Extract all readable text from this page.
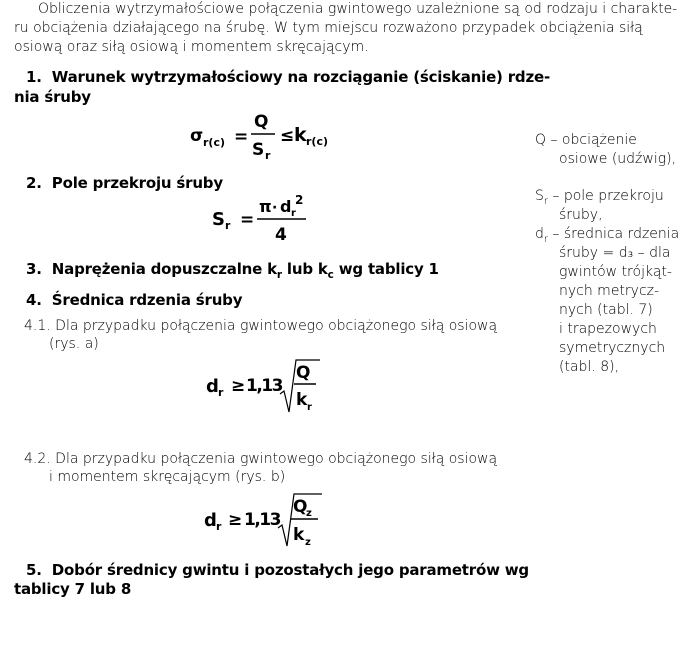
Obliczenia wytrzymałościowe połączenia gwintowego uzależnione są od rodzaju i charakte-
ru obciążenia działającego na śrubę. W tym miejscu rozważono przypadek obciążenia siłą
osiową oraz siłą osiową i momentem skręcającym.
1. Warunek wytrzymałościowy na rozciąganie (ściskanie) rdze-
nia śruby
σ r(c) =
Q
S r
≤ k r(c)
2. Pole przekroju śruby
S r =
π · d r
2
4
3. Naprężenia dopuszczalne $k_r$ lub $k_c$ wg tablicy 1
4. Średnica rdzenia śruby
4.1. Dla przypadku połączenia gwintowego obciążonego siłą osiową
(rys. a)
d r ≥ 1,13
Q
k r
4.2. Dla przypadku połączenia gwintowego obciążonego siłą osiową
i momentem skręcającym (rys. b)
d r ≥ 1,13
Q
z
k z
5. Dobór średnicy gwintu i pozostałych jego parametrów wg
tablicy 7 lub 8
Q – obciążenie
osiowe (udźwig),
$S_r$ – pole przekroju
śruby,
$d_r$ – średnica rdzenia
śruby = d₃ – dla
gwintów trójkąt-
nych metrycz-
nych (tabl. 7)
i trapezowych
symetrycznych
(tabl. 8),
